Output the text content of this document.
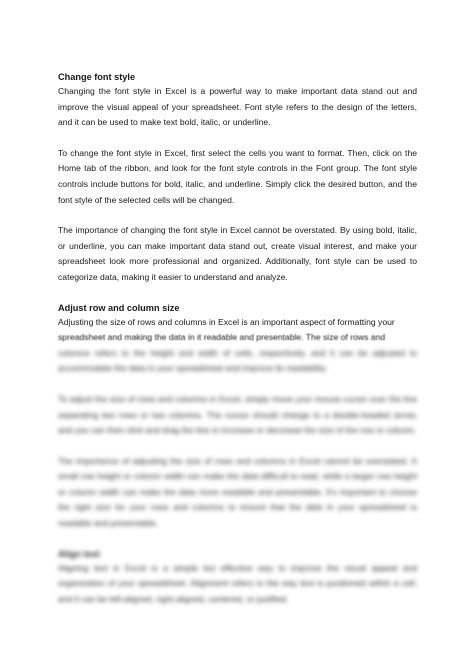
Change font style

Changing the font style in Excel is a powerful way to make important data stand out and improve the visual appeal of your spreadsheet. Font style refers to the design of the letters, and it can be used to make text bold, italic, or underline.

To change the font style in Excel, first select the cells you want to format. Then, click on the Home tab of the ribbon, and look for the font style controls in the Font group. The font style controls include buttons for bold, italic, and underline. Simply click the desired button, and the font style of the selected cells will be changed.

The importance of changing the font style in Excel cannot be overstated. By using bold, italic, or underline, you can make important data stand out, create visual interest, and make your spreadsheet look more professional and organized. Additionally, font style can be used to categorize data, making it easier to understand and analyze.

Adjust row and column size

Adjusting the size of rows and columns in Excel is an important aspect of formatting your

spreadsheet and making the data in it readable and presentable. The size of rows and

columns refers to the height and width of cells, respectively, and it can be adjusted to accommodate the data in your spreadsheet and improve its readability.

To adjust the size of rows and columns in Excel, simply move your mouse cursor over the line separating two rows or two columns. The cursor should change to a double-headed arrow, and you can then click and drag the line to increase or decrease the size of the row or column.

The importance of adjusting the size of rows and columns in Excel cannot be overstated. A small row height or column width can make the data difficult to read, while a larger row height or column width can make the data more readable and presentable. It's important to choose the right size for your rows and columns to ensure that the data in your spreadsheet is readable and presentable.

Align text

Aligning text in Excel is a simple but effective way to improve the visual appeal and organization of your spreadsheet. Alignment refers to the way text is positioned within a cell, and it can be left-aligned, right-aligned, centered, or justified.
